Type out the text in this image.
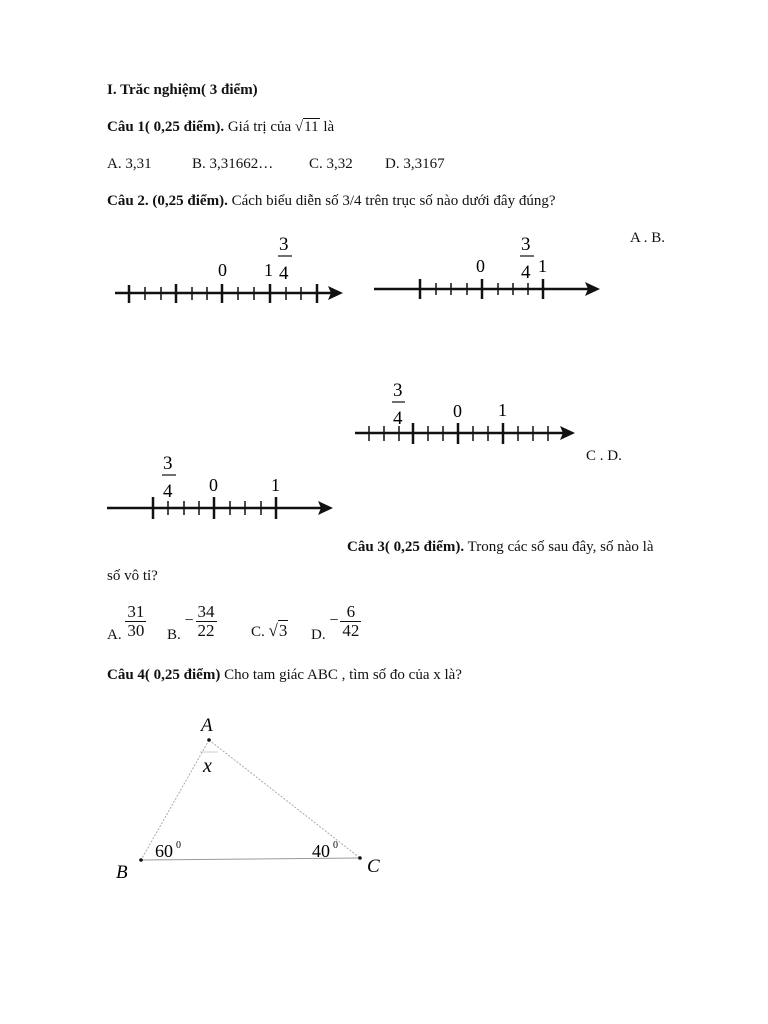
I. Trăc nghiệm( 3 điểm)
Câu 1( 0,25 điểm). Giá trị của √11 là
A. 3,31	B. 3,31662… C. 3,32 D. 3,3167
Câu 2. (0,25 điểm). Cách biểu diễn số 3/4 trên trục số nào dưới đây đúng?
A . B.
C . D.
0 1
3
4	0	1
3
4
0 1
3
4
0	1
3
4
Câu 3( 0,25 điểm). Trong các số sau đây, số nào là
số vô tỉ?
A. $\frac{31}{30} B$. − $\frac{34}{22} C$. √3 D. − $\frac{6}{42}$
Câu 4( 0,25 điểm) Cho tam giác ABC , tìm số đo của x là?
A
B	C
x
60 0	40 0
